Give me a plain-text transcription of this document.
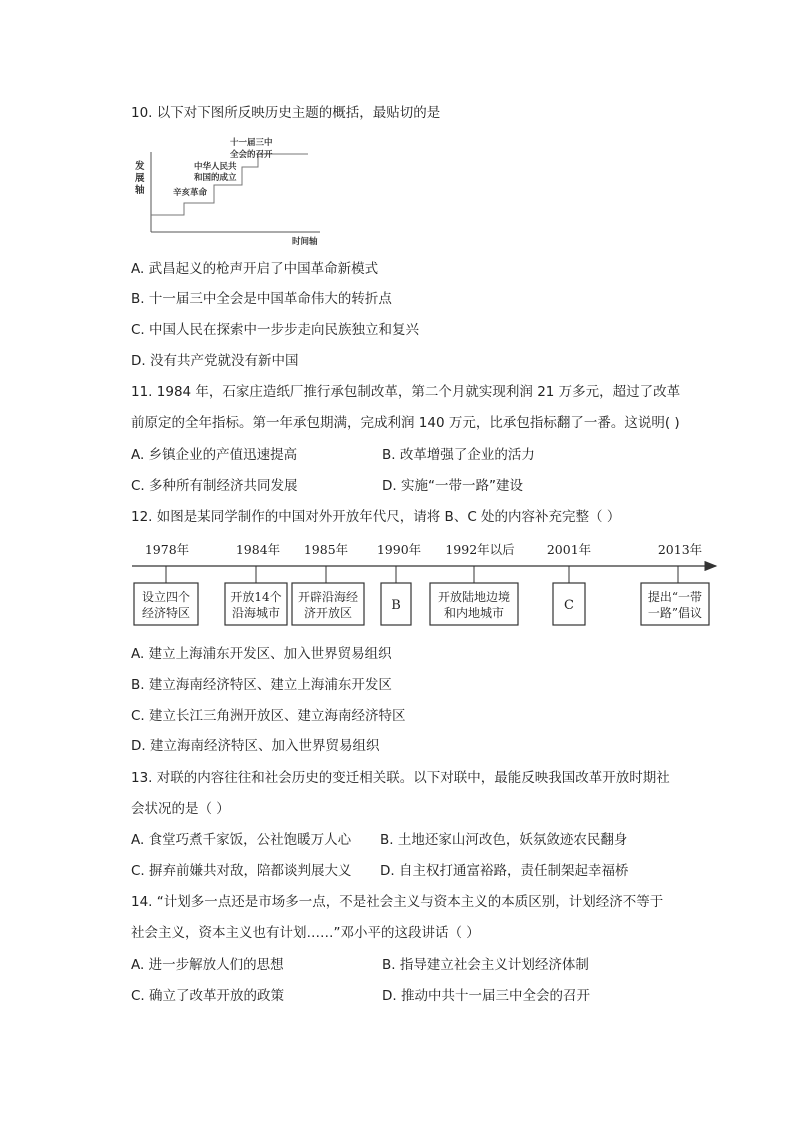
10. 以下对下图所反映历史主题的概括，最贴切的是
发
展
轴	辛亥革命
中华人民共
和国的成立
十一届三中
全会的召开
时间轴
A. 武昌起义的枪声开启了中国革命新模式
B. 十一届三中全会是中国革命伟大的转折点
C. 中国人民在探索中一步步走向民族独立和复兴
D. 没有共产党就没有新中国
11. 1984 年，石家庄造纸厂推行承包制改革，第二个月就实现利润 21 万多元，超过了改革
前原定的全年指标。第一年承包期满，完成利润 140 万元，比承包指标翻了一番。这说明( )
A. 乡镇企业的产值迅速提高	B. 改革增强了企业的活力
C. 多种所有制经济共同发展	D. 实施“一带一路”建设
12. 如图是某同学制作的中国对外开放年代尺，请将 B、C 处的内容补充完整（ ）
1978年	1984年 1985年 1990年 1992年以后	2001年	2013年
设立四个
经济特区
开放14个
沿海城市
开辟沿海经
济开放区	B
开放陆地边境
和内地城市	C
提出“一带
一路”倡议
A. 建立上海浦东开发区、加入世界贸易组织
B. 建立海南经济特区、建立上海浦东开发区
C. 建立长江三角洲开放区、建立海南经济特区
D. 建立海南经济特区、加入世界贸易组织
13. 对联的内容往往和社会历史的变迁相关联。以下对联中，最能反映我国改革开放时期社
会状况的是（ ）
A. 食堂巧煮千家饭，公社饱暖万人心 B. 土地还家山河改色，妖氛敛迹农民翻身
C. 摒弃前嫌共对敌，陪都谈判展大义 D. 自主权打通富裕路，责任制架起幸福桥
14. “计划多一点还是市场多一点，不是社会主义与资本主义的本质区别，计划经济不等于
社会主义，资本主义也有计划……”邓小平的这段讲话（ ）
A. 进一步解放人们的思想	B. 指导建立社会主义计划经济体制
C. 确立了改革开放的政策	D. 推动中共十一届三中全会的召开
